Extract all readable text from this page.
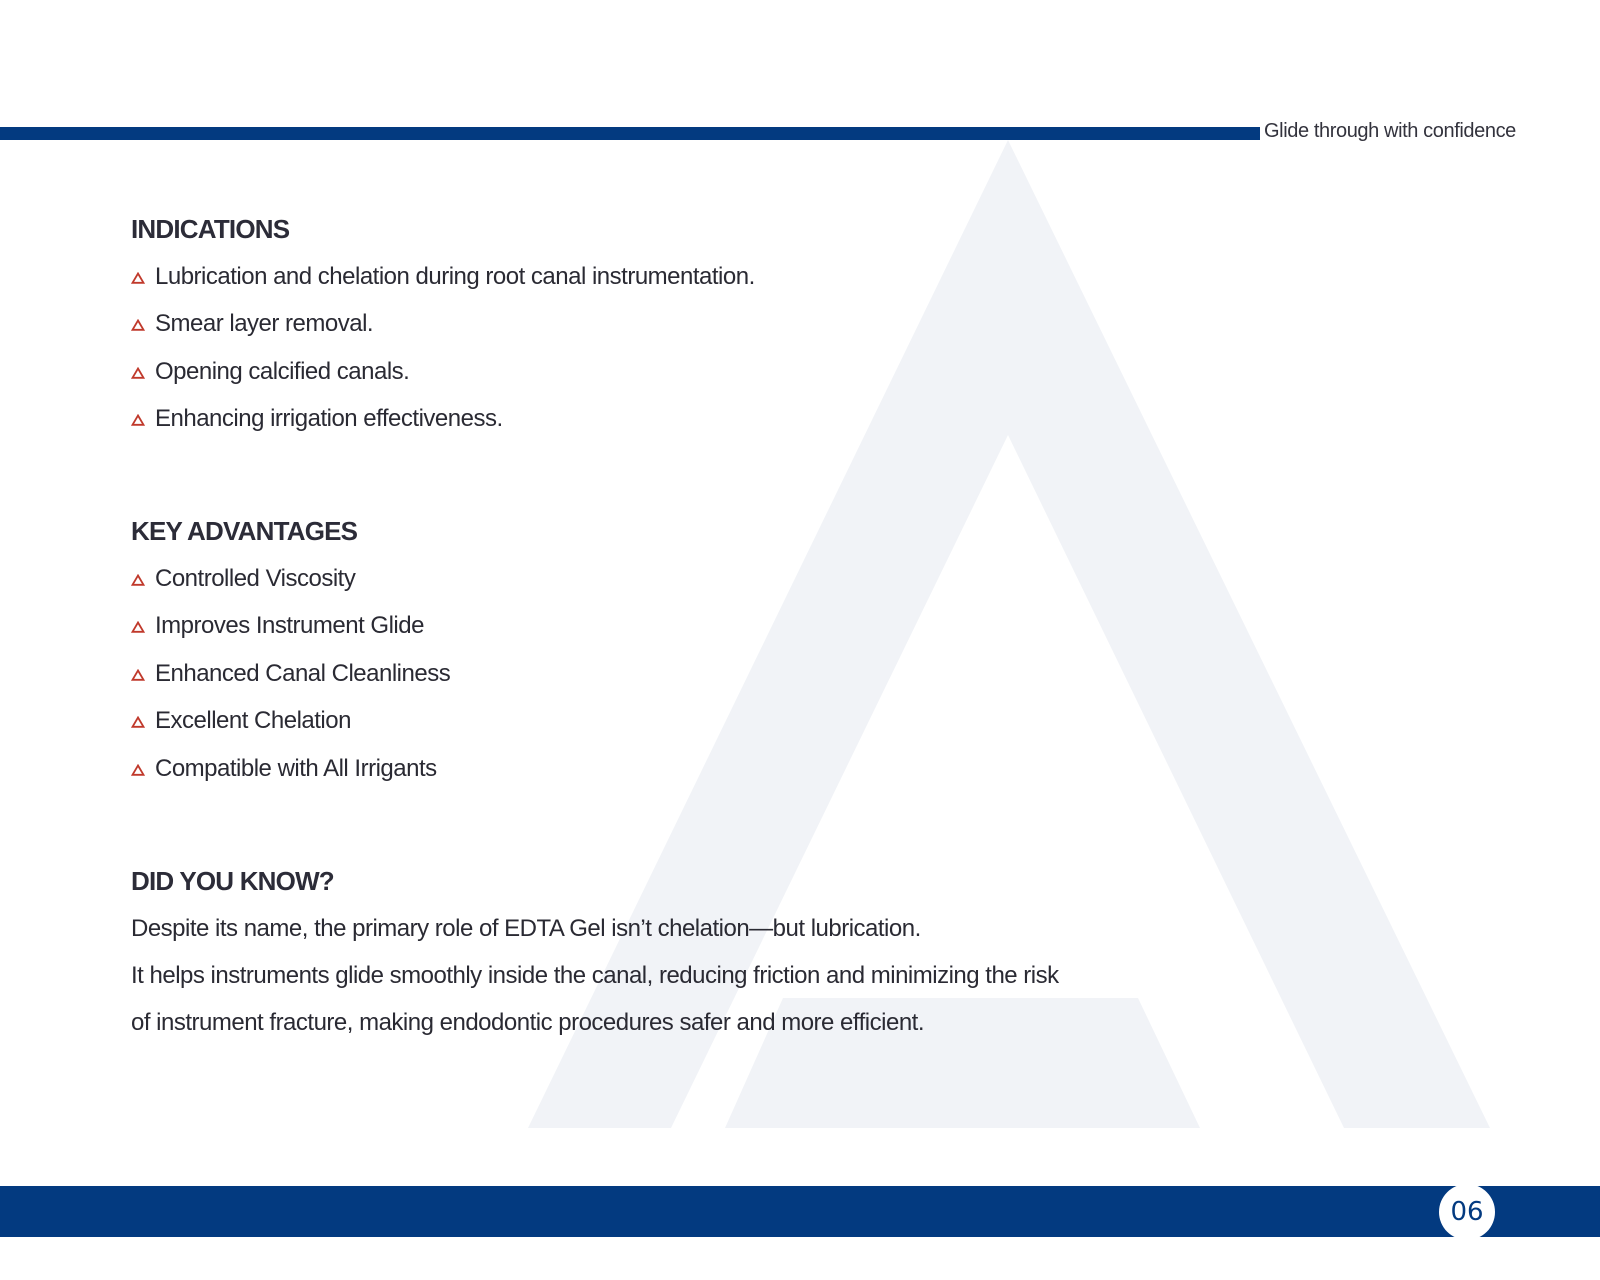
Glide through with confidence
INDICATIONS
Lubrication and chelation during root canal instrumentation.
Smear layer removal.
Opening calcified canals.
Enhancing irrigation effectiveness.
KEY ADVANTAGES
Controlled Viscosity
Improves Instrument Glide
Enhanced Canal Cleanliness
Excellent Chelation
Compatible with All Irrigants
DID YOU KNOW?

Despite its name, the primary role of EDTA Gel isn’t chelation—but lubrication.

It helps instruments glide smoothly inside the canal, reducing friction and minimizing the risk

of instrument fracture, making endodontic procedures safer and more efficient.

06
